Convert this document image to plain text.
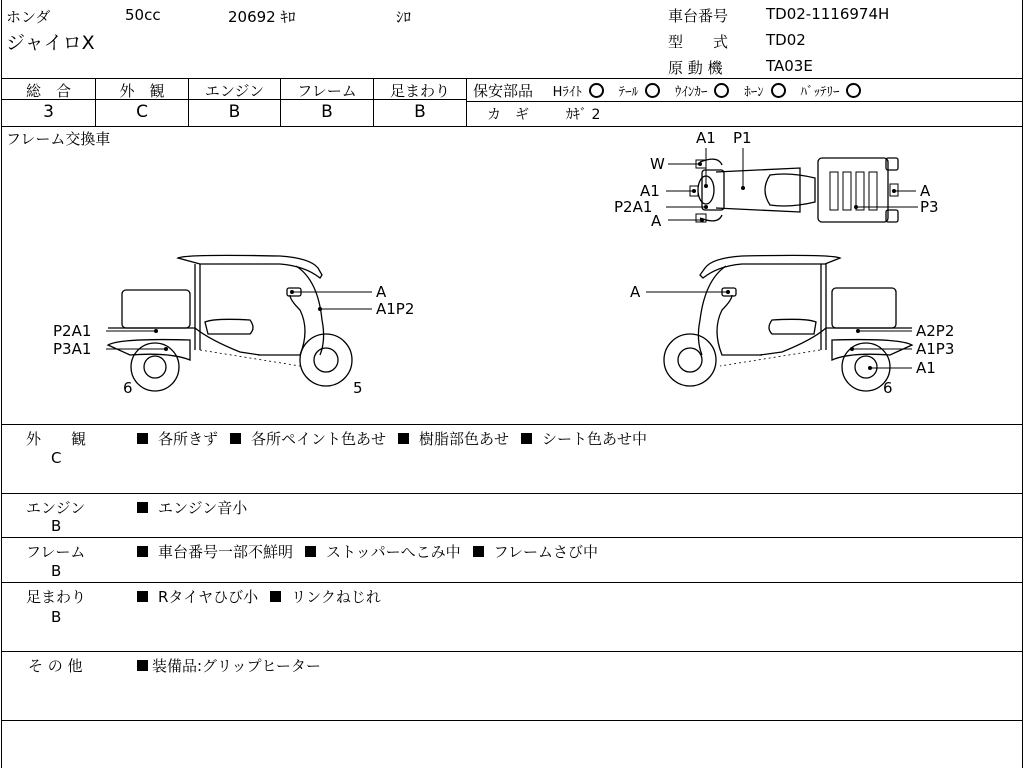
ホンダ	50cc	20692 ｷﾛ	ｼﾛ
ジャイロX
車台番号	TD02-1116974H
型　　式	TD02
原 動 機	TA03E
総　合	外　観	エンジン	フレーム	足まわり
3	C	B	B	B
保安部品 Hﾗｲﾄ	ﾃｰﾙ	ｳｲﾝｶｰ	ﾎｰﾝ	ﾊﾞｯﾃﾘｰ
カ　ギ	ｶｷﾞ 2
フレーム交換車	A1 P1
W
A1
P2A1
A
A
P3
A
A1P2
P2A1
P3A1
6	5
A
A2P2
A1P3
A1
6
外　　観
C
各所きず 各所ペイント色あせ 樹脂部色あせ シート色あせ中
エンジン
B
エンジン音小
フレーム
B
車台番号一部不鮮明 ストッパーへこみ中 フレームさび中
足まわり
B
Rタイヤひび小 リンクねじれ
そ の 他	装備品:グリップヒーター
